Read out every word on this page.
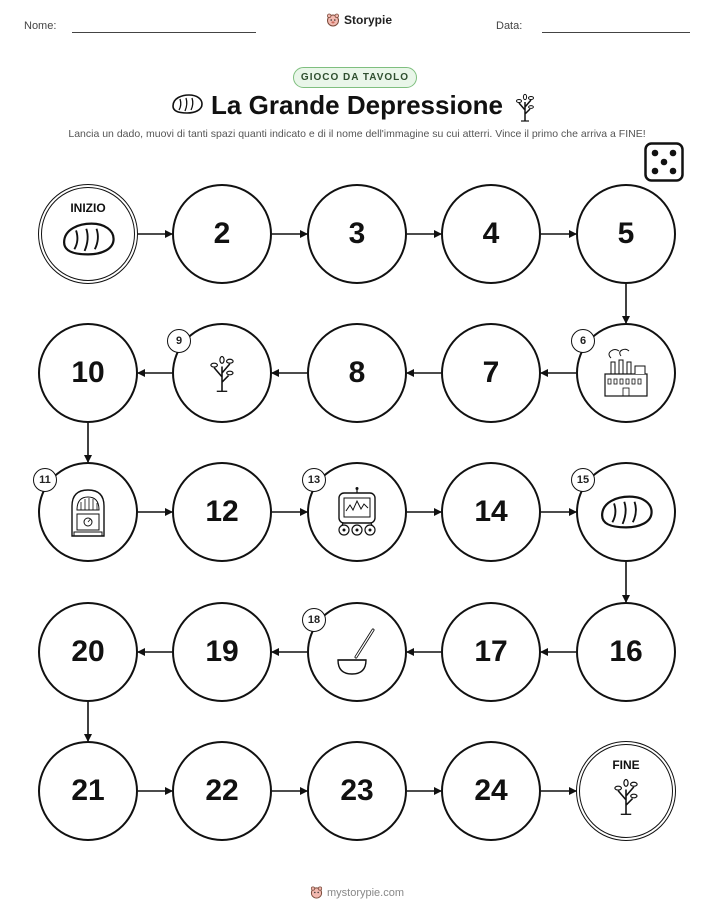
Nome:	Storypie	Data:
GIOCO DA TAVOLO
La Grande Depressione
Lancia un dado, muovi di tanti spazi quanti indicato e di il nome dell'immagine su cui atterri. Vince il primo che arriva a FINE!
INIZIO
2	3	4	5
6
7
8
9
10
11
12
13
14
15
16
17
18
19
20
21	22	23	24
FINE
mystorypie.com
